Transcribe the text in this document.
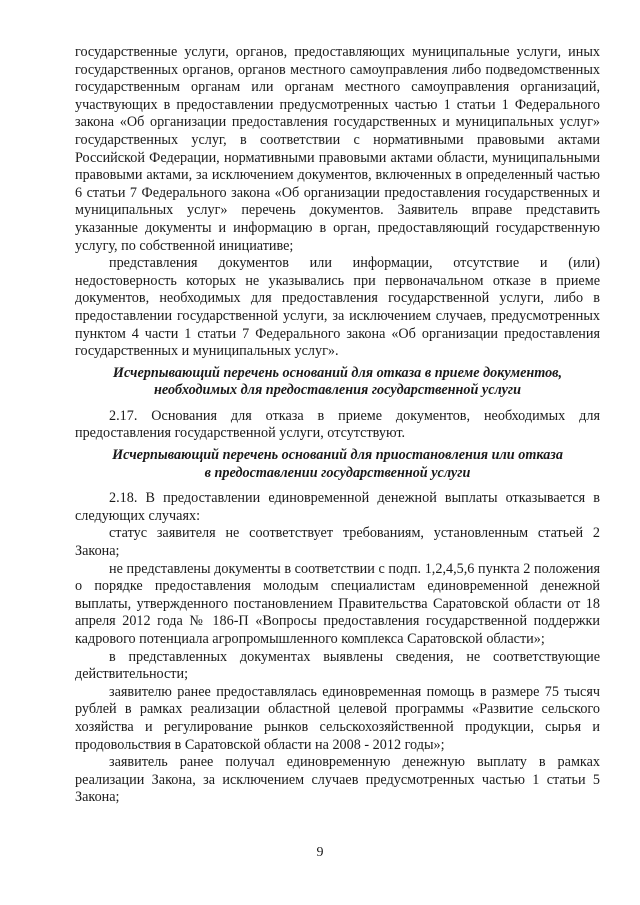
государственные услуги, органов, предоставляющих муниципальные услуги, иных государственных органов, органов местного самоуправления либо подведомственных государственным органам или органам местного самоуправления организаций, участвующих в предоставлении предусмотренных частью 1 статьи 1 Федерального закона «Об организации предоставления государственных и муниципальных услуг» государственных услуг, в соответствии с нормативными правовыми актами Российской Федерации, нормативными правовыми актами области, муниципальными правовыми актами, за исключением документов, включенных в определенный частью 6 статьи 7 Федерального закона «Об организации предоставления государственных и муниципальных услуг» перечень документов. Заявитель вправе представить указанные документы и информацию в орган, предоставляющий государственную услугу, по собственной инициативе;

представления документов или информации, отсутствие и (или) недостоверность которых не указывались при первоначальном отказе в приеме документов, необходимых для предоставления государственной услуги, либо в предоставлении государственной услуги, за исключением случаев, предусмотренных пунктом 4 части 1 статьи 7 Федерального закона «Об организации предоставления государственных и муниципальных услуг».

Исчерпывающий перечень оснований для отказа в приеме документов,
необходимых для предоставления государственной услуги

2.17. Основания для отказа в приеме документов, необходимых для предоставления государственной услуги, отсутствуют.

Исчерпывающий перечень оснований для приостановления или отказа
в предоставлении государственной услуги

2.18. В предоставлении единовременной денежной выплаты отказывается в следующих случаях:

статус заявителя не соответствует требованиям, установленным статьей 2 Закона;

не представлены документы в соответствии с подп. 1,2,4,5,6 пункта 2 положения о порядке предоставления молодым специалистам единовременной денежной выплаты, утвержденного постановлением Правительства Саратовской области от 18 апреля 2012 года № 186-П «Вопросы предоставления государственной поддержки кадрового потенциала агропромышленного комплекса Саратовской области»;

в представленных документах выявлены сведения, не соответствующие действительности;

заявителю ранее предоставлялась единовременная помощь в размере 75 тысяч рублей в рамках реализации областной целевой программы «Развитие сельского хозяйства и регулирование рынков сельскохозяйственной продукции, сырья и продовольствия в Саратовской области на 2008 - 2012 годы»;

заявитель ранее получал единовременную денежную выплату в рамках реализации Закона, за исключением случаев предусмотренных частью 1 статьи 5 Закона;

9
